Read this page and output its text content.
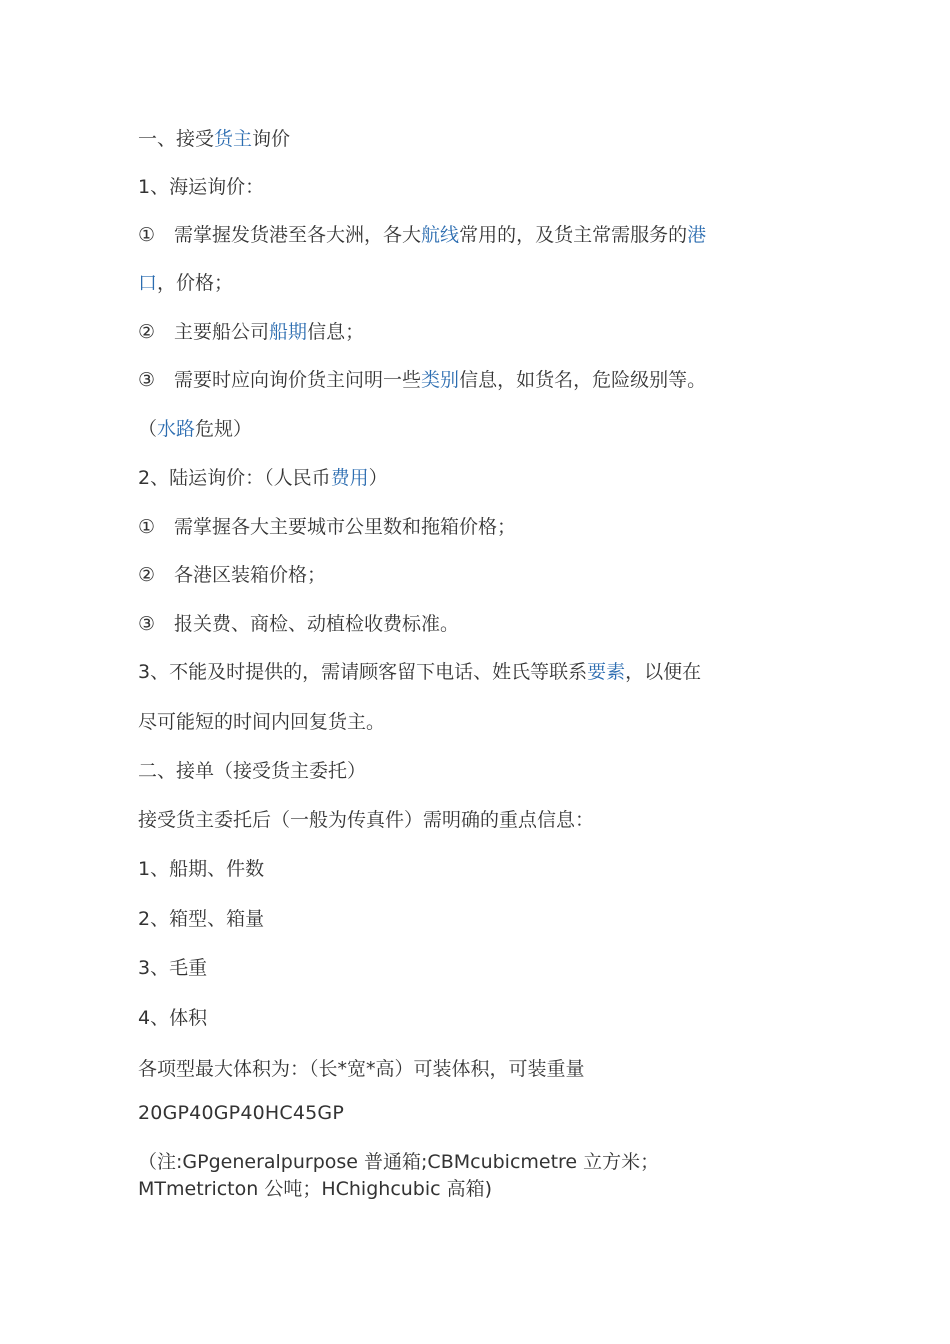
一、接受货主询价
1、海运询价：
①　需掌握发货港至各大洲，各大航线常用的，及货主常需服务的港
口，价格；
②　主要船公司船期信息；
③　需要时应向询价货主问明一些类别信息，如货名，危险级别等。
（水路危规）
2、陆运询价：（人民币费用）
①　需掌握各大主要城市公里数和拖箱价格；
②　各港区装箱价格；
③　报关费、商检、动植检收费标准。
3、不能及时提供的，需请顾客留下电话、姓氏等联系要素，以便在
尽可能短的时间内回复货主。
二、接单（接受货主委托）
接受货主委托后（一般为传真件）需明确的重点信息：
1、船期、件数
2、箱型、箱量
3、毛重
4、体积
各项型最大体积为：（长*宽*高）可装体积，可装重量
20GP40GP40HC45GP
（注:GPgeneralpurpose 普通箱;CBMcubicmetre 立方米；
MTmetricton 公吨；HChighcubic 高箱)
